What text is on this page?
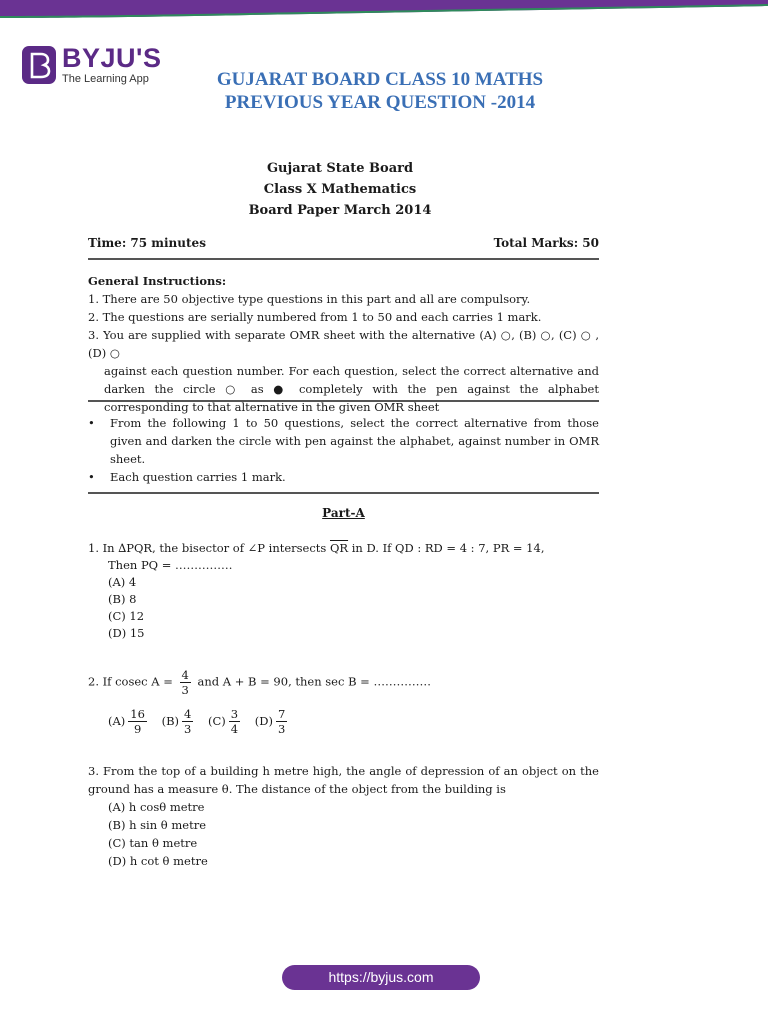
BYJU'S
The Learning App	GUJARAT BOARD CLASS 10 MATHS
PREVIOUS YEAR QUESTION -2014
Gujarat State Board
Class X Mathematics
Board Paper March 2014
Time: 75 minutes	Total Marks: 50

General Instructions:

1. There are 50 objective type questions in this part and all are compulsory.

2. The questions are serially numbered from 1 to 50 and each carries 1 mark.

3. You are supplied with separate OMR sheet with the alternative (A) ○, (B) ○, (C) ○ , (D) ○

against each question number. For each question, select the correct alternative and darken the circle ○ as ● completely with the pen against the alphabet corresponding to that alternative in the given OMR sheet

•	From the following 1 to 50 questions, select the correct alternative from those given and darken the circle with pen against the alphabet, against number in OMR sheet.
•	Each question carries 1 mark.
Part-A
1. In ∆PQR, the bisector of ∠P intersects $\overline{QR}$ in D. If QD : RD = 4 : 7, PR = 14,
Then PQ = ……………
(A) 4
(B) 8
(C) 12
(D) 15
2. If cosec $A = \frac{4}{3}$ and A + B = 90, then sec B = ……………
$(A) \frac{16}{9} (B) \frac{4}{3} (C) \frac{3}{4} (D) \frac{7}{3}$

3. From the top of a building h metre high, the angle of depression of an object on the ground has a measure θ. The distance of the object from the building is

(A) h cosθ metre
(B) h sin θ metre
(C) tan θ metre
(D) h cot θ metre
https://byjus.com
